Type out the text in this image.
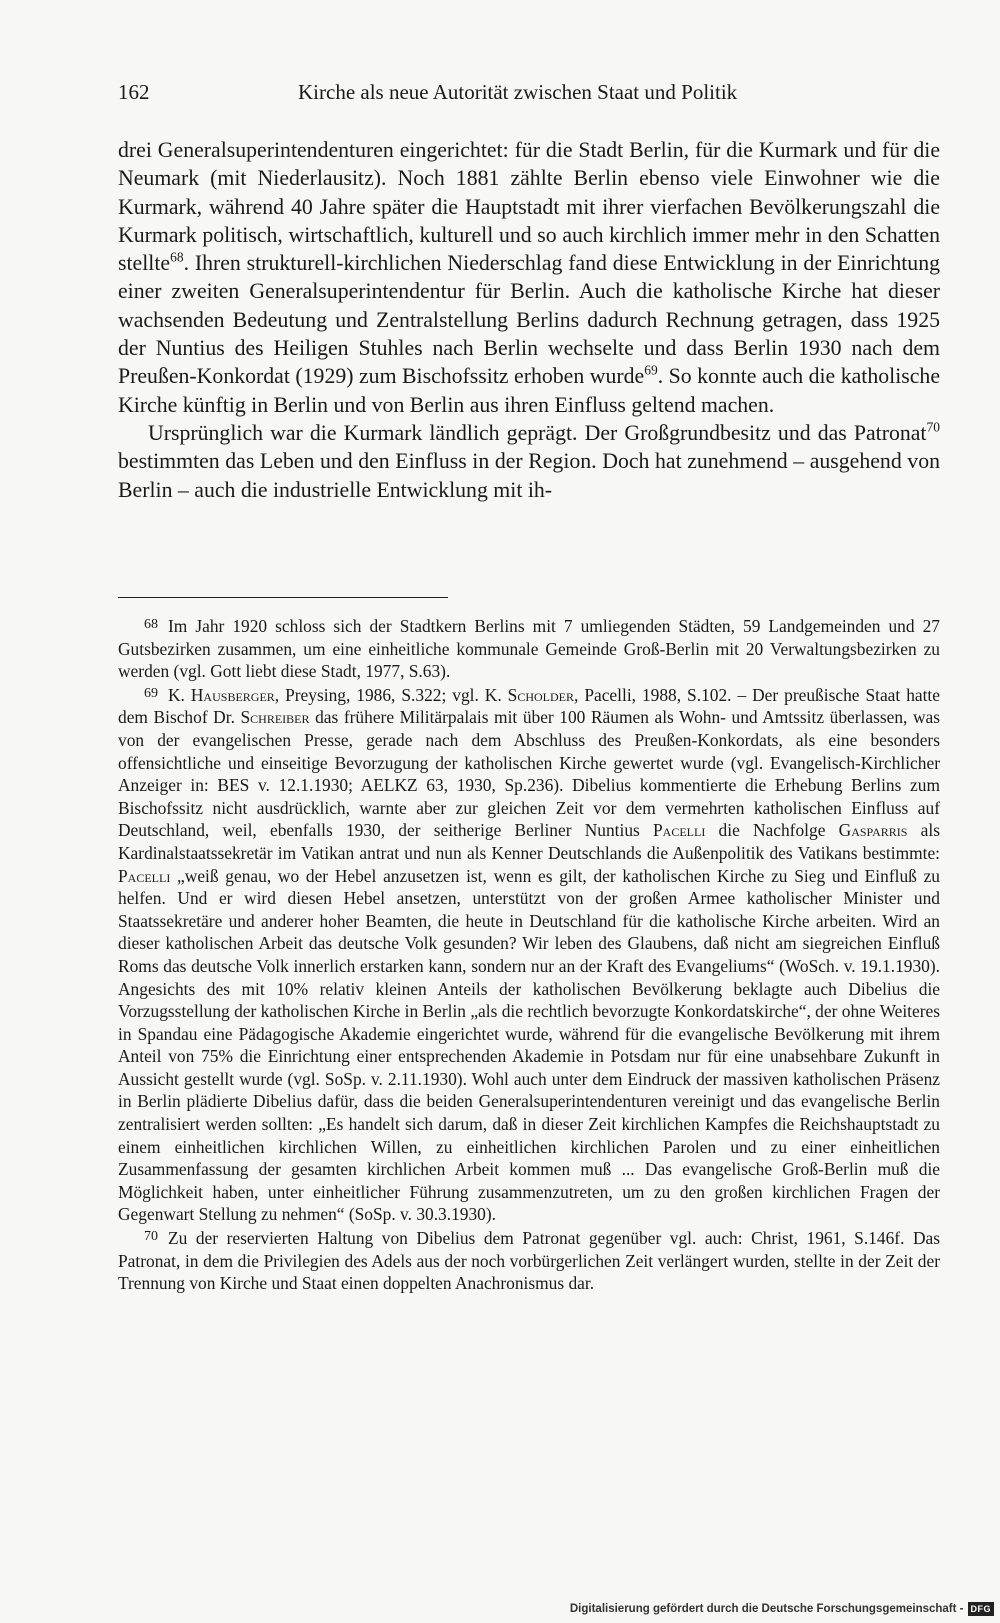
162	Kirche als neue Autorität zwischen Staat und Politik

drei Generalsuperintendenturen eingerichtet: für die Stadt Berlin, für die Kurmark und für die Neumark (mit Niederlausitz). Noch 1881 zählte Berlin ebenso viele Einwohner wie die Kurmark, während 40 Jahre später die Hauptstadt mit ihrer vierfachen Bevölkerungszahl die Kurmark politisch, wirtschaftlich, kulturell und so auch kirchlich immer mehr in den Schatten stellte$^{68}$. Ihren strukturell-kirchlichen Niederschlag fand diese Entwicklung in der Einrichtung einer zweiten Generalsuperintendentur für Berlin. Auch die katholische Kirche hat dieser wachsenden Bedeutung und Zentralstellung Berlins dadurch Rechnung getragen, dass 1925 der Nuntius des Heiligen Stuhles nach Berlin wechselte und dass Berlin 1930 nach dem Preußen-Konkordat (1929) zum Bischofssitz erhoben wurde$^{69}$. So konnte auch die katholische Kirche künftig in Berlin und von Berlin aus ihren Einfluss geltend machen.

Ursprünglich war die Kurmark ländlich geprägt. Der Großgrundbesitz und das Patronat$^{70}$ bestimmten das Leben und den Einfluss in der Region. Doch hat zunehmend – ausgehend von Berlin – auch die industrielle Entwicklung mit ih-

$^{68}$ Im Jahr 1920 schloss sich der Stadtkern Berlins mit 7 umliegenden Städten, 59 Landgemeinden und 27 Gutsbezirken zusammen, um eine einheitliche kommunale Gemeinde Groß-Berlin mit 20 Verwaltungsbezirken zu werden (vgl. Gott liebt diese Stadt, 1977, S.63).

$^{69}$ K. Hausberger, Preysing, 1986, S.322; vgl. K. Scholder, Pacelli, 1988, S.102. – Der preußische Staat hatte dem Bischof Dr. Schreiber das frühere Militärpalais mit über 100 Räumen als Wohn- und Amtssitz überlassen, was von der evangelischen Presse, gerade nach dem Abschluss des Preußen-Konkordats, als eine besonders offensichtliche und einseitige Bevorzugung der katholischen Kirche gewertet wurde (vgl. Evangelisch-Kirchlicher Anzeiger in: BES v. 12.1.1930; AELKZ 63, 1930, Sp.236). Dibelius kommentierte die Erhebung Berlins zum Bischofssitz nicht ausdrücklich, warnte aber zur gleichen Zeit vor dem vermehrten katholischen Einfluss auf Deutschland, weil, ebenfalls 1930, der seitherige Berliner Nuntius Pacelli die Nachfolge Gasparris als Kardinalstaatssekretär im Vatikan antrat und nun als Kenner Deutschlands die Außenpolitik des Vatikans bestimmte: Pacelli „weiß genau, wo der Hebel anzusetzen ist, wenn es gilt, der katholischen Kirche zu Sieg und Einfluß zu helfen. Und er wird diesen Hebel ansetzen, unterstützt von der großen Armee katholischer Minister und Staatssekretäre und anderer hoher Beamten, die heute in Deutschland für die katholische Kirche arbeiten. Wird an dieser katholischen Arbeit das deutsche Volk gesunden? Wir leben des Glaubens, daß nicht am siegreichen Einfluß Roms das deutsche Volk innerlich erstarken kann, sondern nur an der Kraft des Evangeliums“ (WoSch. v. 19.1.1930). Angesichts des mit 10% relativ kleinen Anteils der katholischen Bevölkerung beklagte auch Dibelius die Vorzugsstellung der katholischen Kirche in Berlin „als die rechtlich bevorzugte Konkordatskirche“, der ohne Weiteres in Spandau eine Pädagogische Akademie eingerichtet wurde, während für die evangelische Bevölkerung mit ihrem Anteil von 75% die Einrichtung einer entsprechenden Akademie in Potsdam nur für eine unabsehbare Zukunft in Aussicht gestellt wurde (vgl. SoSp. v. 2.11.1930). Wohl auch unter dem Eindruck der massiven katholischen Präsenz in Berlin plädierte Dibelius dafür, dass die beiden Generalsuperintendenturen vereinigt und das evangelische Berlin zentralisiert werden sollten: „Es handelt sich darum, daß in dieser Zeit kirchlichen Kampfes die Reichshauptstadt zu einem einheitlichen kirchlichen Willen, zu einheitlichen kirchlichen Parolen und zu einer einheitlichen Zusammenfassung der gesamten kirchlichen Arbeit kommen muß ... Das evangelische Groß-Berlin muß die Möglichkeit haben, unter einheitlicher Führung zusammenzutreten, um zu den großen kirchlichen Fragen der Gegenwart Stellung zu nehmen“ (SoSp. v. 30.3.1930).

$^{70}$ Zu der reservierten Haltung von Dibelius dem Patronat gegenüber vgl. auch: Christ, 1961, S.146f. Das Patronat, in dem die Privilegien des Adels aus der noch vorbürgerlichen Zeit verlängert wurden, stellte in der Zeit der Trennung von Kirche und Staat einen doppelten Anachronismus dar.

Digitalisierung gefördert durch die Deutsche Forschungsgemeinschaft - DFG
